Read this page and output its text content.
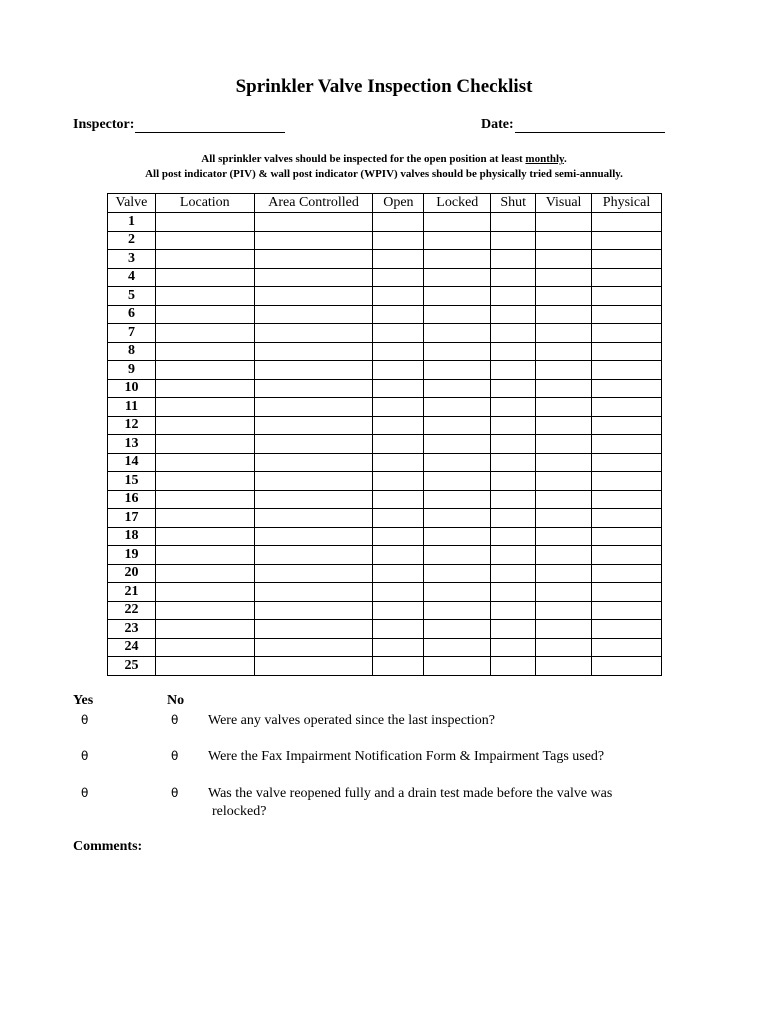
Sprinkler Valve Inspection Checklist
Inspector:	Date:
All sprinkler valves should be inspected for the open position at least monthly.
All post indicator (PIV) & wall post indicator (WPIV) valves should be physically tried semi-annually.
Valve	Location	Area Controlled	Open	Locked	Shut	Visual	Physical
1							
2							
3							
4							
5							
6							
7							
8							
9							
10							
11							
12							
13							
14							
15							
16							
17							
18							
19							
20							
21							
22							
23							
24							
25							
Yes	No
θ	θ Were any valves operated since the last inspection?
θ	θ Were the Fax Impairment Notification Form & Impairment Tags used?
θ	θ Was the valve reopened fully and a drain test made before the valve was
relocked?
Comments:
